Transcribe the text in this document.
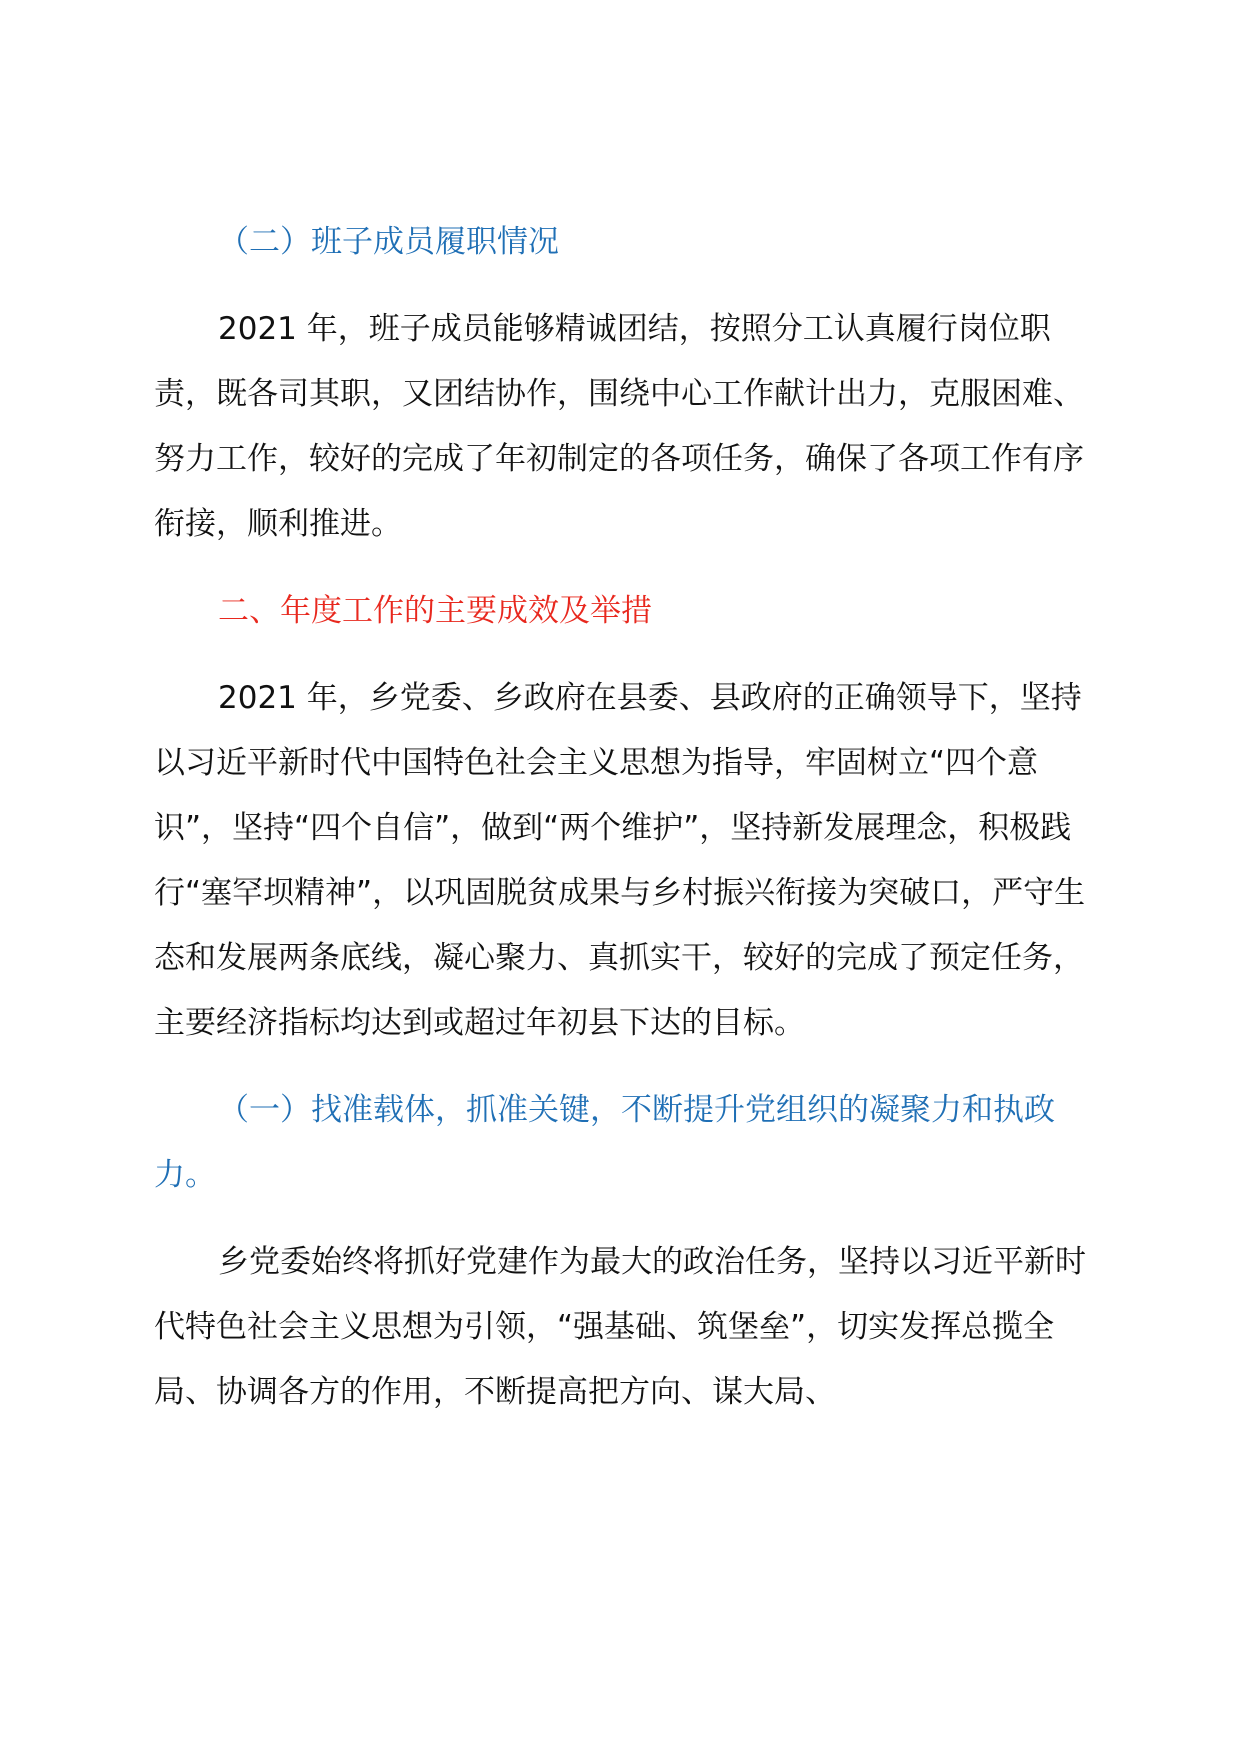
（二）班子成员履职情况

2021 年，班子成员能够精诚团结，按照分工认真履行岗位职责，既各司其职，又团结协作，围绕中心工作献计出力，克服困难、努力工作，较好的完成了年初制定的各项任务，确保了各项工作有序衔接，顺利推进。

二、年度工作的主要成效及举措

2021 年，乡党委、乡政府在县委、县政府的正确领导下，坚持以习近平新时代中国特色社会主义思想为指导，牢固树立“四个意识”，坚持“四个自信”，做到“两个维护”，坚持新发展理念，积极践行“塞罕坝精神”，以巩固脱贫成果与乡村振兴衔接为突破口，严守生态和发展两条底线，凝心聚力、真抓实干，较好的完成了预定任务，主要经济指标均达到或超过年初县下达的目标。

（一）找准载体，抓准关键，不断提升党组织的凝聚力和执政力。

乡党委始终将抓好党建作为最大的政治任务，坚持以习近平新时代特色社会主义思想为引领，“强基础、筑堡垒”，切实发挥总揽全局、协调各方的作用，不断提高把方向、谋大局、
